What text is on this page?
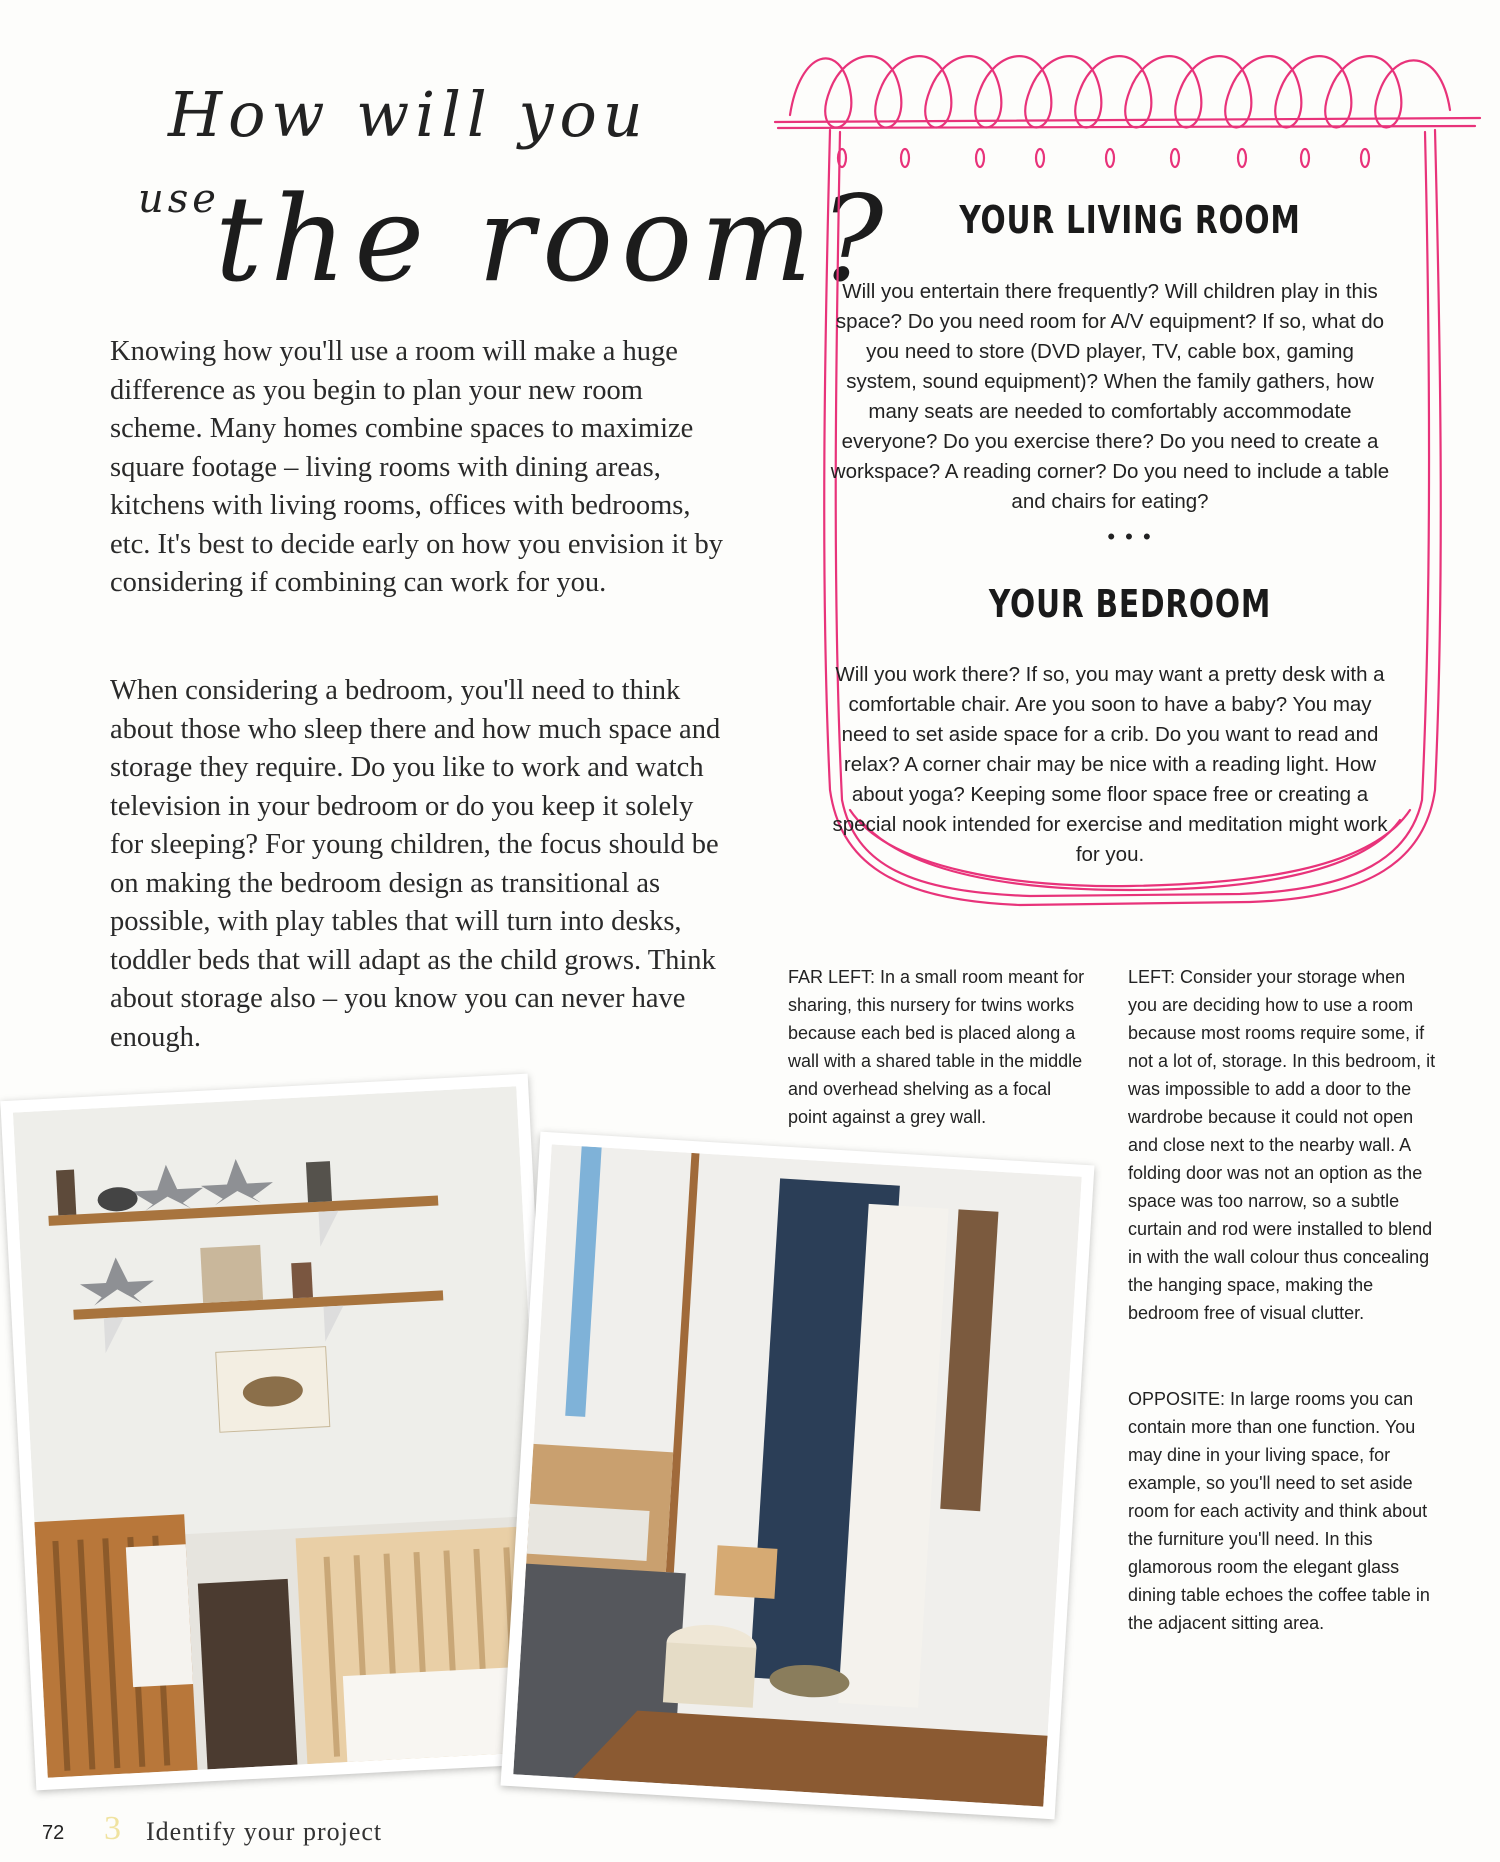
How will you
use
the room?
Knowing how you'll use a room will make a huge difference as you begin to plan your new room scheme. Many homes combine spaces to maximize square footage – living rooms with dining areas, kitchens with living rooms, offices with bedrooms, etc. It's best to decide early on how you envision it by considering if combining can work for you.
When considering a bedroom, you'll need to think about those who sleep there and how much space and storage they require. Do you like to work and watch television in your bedroom or do you keep it solely for sleeping? For young children, the focus should be on making the bedroom design as transitional as possible, with play tables that will turn into desks, toddler beds that will adapt as the child grows. Think about storage also – you know you can never have enough.
YOUR LIVING ROOM
Will you entertain there frequently? Will children play in this space? Do you need room for A/V equipment? If so, what do you need to store (DVD player, TV, cable box, gaming system, sound equipment)? When the family gathers, how many seats are needed to comfortably accommodate everyone? Do you exercise there? Do you need to create a workspace? A reading corner? Do you need to include a table and chairs for eating?
• • •
YOUR BEDROOM
Will you work there? If so, you may want a pretty desk with a comfortable chair. Are you soon to have a baby? You may need to set aside space for a crib. Do you want to read and relax? A corner chair may be nice with a reading light. How about yoga? Keeping some floor space free or creating a special nook intended for exercise and meditation might work for you.
FAR LEFT: In a small room meant for sharing, this nursery for twins works because each bed is placed along a wall with a shared table in the middle and overhead shelving as a focal point against a grey wall.
LEFT: Consider your storage when you are deciding how to use a room because most rooms require some, if not a lot of, storage. In this bedroom, it was impossible to add a door to the wardrobe because it could not open and close next to the nearby wall. A folding door was not an option as the space was too narrow, so a subtle curtain and rod were installed to blend in with the wall colour thus concealing the hanging space, making the bedroom free of visual clutter.
OPPOSITE: In large rooms you can contain more than one function. You may dine in your living space, for example, so you'll need to set aside room for each activity and think about the furniture you'll need. In this glamorous room the elegant glass dining table echoes the coffee table in the adjacent sitting area.
72 3 Identify your project
